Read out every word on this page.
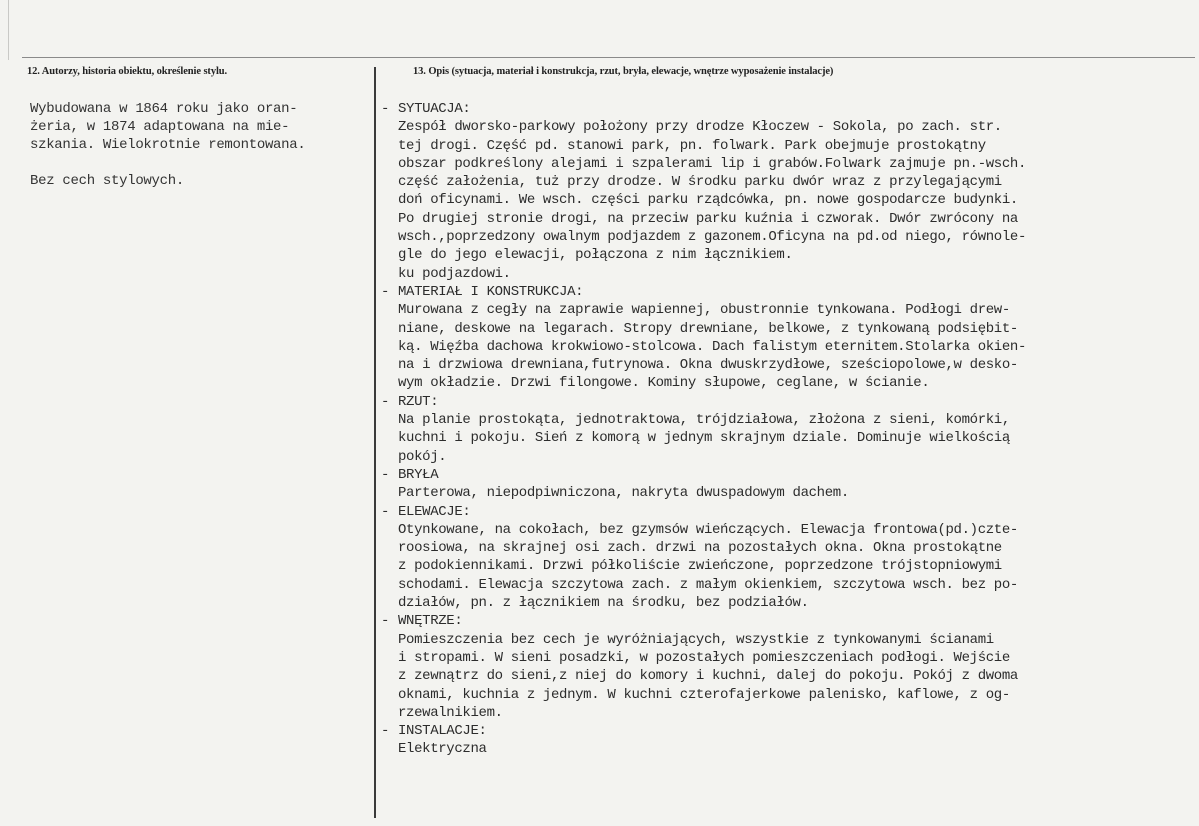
12. Autorzy, historia obiektu, określenie stylu.	13. Opis (sytuacja, materiał i konstrukcja, rzut, bryła, elewacje, wnętrze wyposażenie instalacje)
Wybudowana w 1864 roku jako oran-
żeria, w 1874 adaptowana na mie-
szkania. Wielokrotnie remontowana.
Bez cech stylowych.
- SYTUACJA:
Zespół dworsko-parkowy położony przy drodze Kłoczew - Sokola, po zach. str.
tej drogi. Część pd. stanowi park, pn. folwark. Park obejmuje prostokątny
obszar podkreślony alejami i szpalerami lip i grabów.Folwark zajmuje pn.-wsch.
część założenia, tuż przy drodze. W środku parku dwór wraz z przylegającymi
doń oficynami. We wsch. części parku rządcówka, pn. nowe gospodarcze budynki.
Po drugiej stronie drogi, na przeciw parku kuźnia i czworak. Dwór zwrócony na
wsch.,poprzedzony owalnym podjazdem z gazonem.Oficyna na pd.od niego, równole-
gle do jego elewacji, połączona z nim łącznikiem.
ku podjazdowi.
- MATERIAŁ I KONSTRUKCJA:
Murowana z cegły na zaprawie wapiennej, obustronnie tynkowana. Podłogi drew-
niane, deskowe na legarach. Stropy drewniane, belkowe, z tynkowaną podsiębit-
ką. Więźba dachowa krokwiowo-stolcowa. Dach falistym eternitem.Stolarka okien-
na i drzwiowa drewniana,futrynowa. Okna dwuskrzydłowe, sześciopolowe,w desko-
wym okładzie. Drzwi filongowe. Kominy słupowe, ceglane, w ścianie.
- RZUT:
Na planie prostokąta, jednotraktowa, trójdziałowa, złożona z sieni, komórki,
kuchni i pokoju. Sień z komorą w jednym skrajnym dziale. Dominuje wielkością
pokój.
- BRYŁA
Parterowa, niepodpiwniczona, nakryta dwuspadowym dachem.
- ELEWACJE:
Otynkowane, na cokołach, bez gzymsów wieńczących. Elewacja frontowa(pd.)czte-
roosiowa, na skrajnej osi zach. drzwi na pozostałych okna. Okna prostokątne
z podokiennikami. Drzwi półkoliście zwieńczone, poprzedzone trójstopniowymi
schodami. Elewacja szczytowa zach. z małym okienkiem, szczytowa wsch. bez po-
działów, pn. z łącznikiem na środku, bez podziałów.
- WNĘTRZE:
Pomieszczenia bez cech je wyróżniających, wszystkie z tynkowanymi ścianami
i stropami. W sieni posadzki, w pozostałych pomieszczeniach podłogi. Wejście
z zewnątrz do sieni,z niej do komory i kuchni, dalej do pokoju. Pokój z dwoma
oknami, kuchnia z jednym. W kuchni czterofajerkowe palenisko, kaflowe, z og-
rzewalnikiem.
- INSTALACJE:
Elektryczna
